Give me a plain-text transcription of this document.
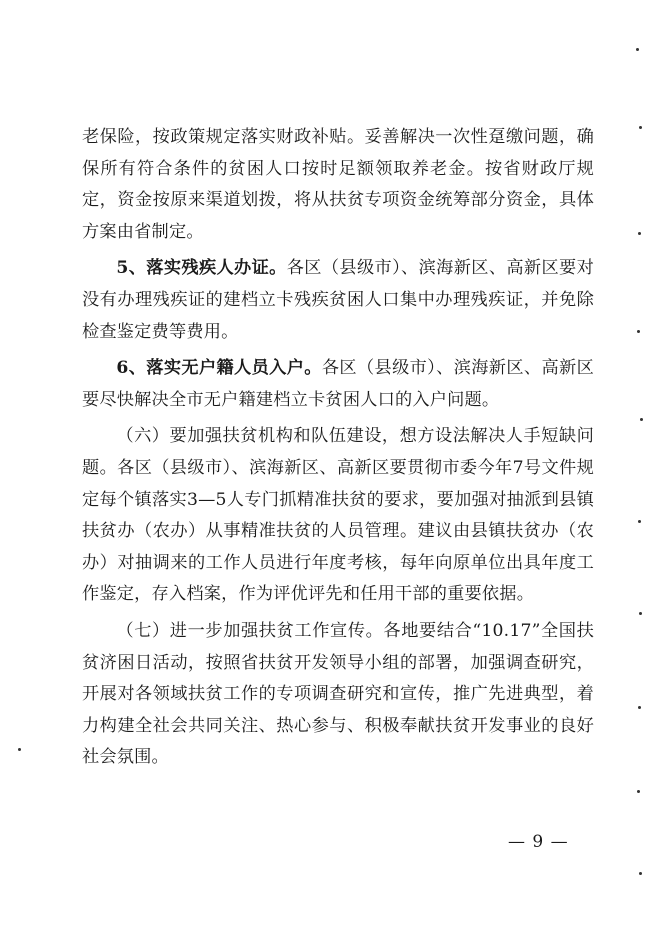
老保险，按政策规定落实财政补贴。妥善解决一次性趸缴问题，确保所有符合条件的贫困人口按时足额领取养老金。按省财政厅规定，资金按原来渠道划拨，将从扶贫专项资金统筹部分资金，具体方案由省制定。

5、落实残疾人办证。各区（县级市）、滨海新区、高新区要对没有办理残疾证的建档立卡残疾贫困人口集中办理残疾证，并免除检查鉴定费等费用。

6、落实无户籍人员入户。各区（县级市）、滨海新区、高新区要尽快解决全市无户籍建档立卡贫困人口的入户问题。

（六）要加强扶贫机构和队伍建设，想方设法解决人手短缺问题。各区（县级市）、滨海新区、高新区要贯彻市委今年7号文件规定每个镇落实3—5人专门抓精准扶贫的要求，要加强对抽派到县镇扶贫办（农办）从事精准扶贫的人员管理。建议由县镇扶贫办（农办）对抽调来的工作人员进行年度考核，每年向原单位出具年度工作鉴定，存入档案，作为评优评先和任用干部的重要依据。

（七）进一步加强扶贫工作宣传。各地要结合“10.17”全国扶贫济困日活动，按照省扶贫开发领导小组的部署，加强调查研究，开展对各领域扶贫工作的专项调查研究和宣传，推广先进典型，着力构建全社会共同关注、热心参与、积极奉献扶贫开发事业的良好社会氛围。

— 9 —
